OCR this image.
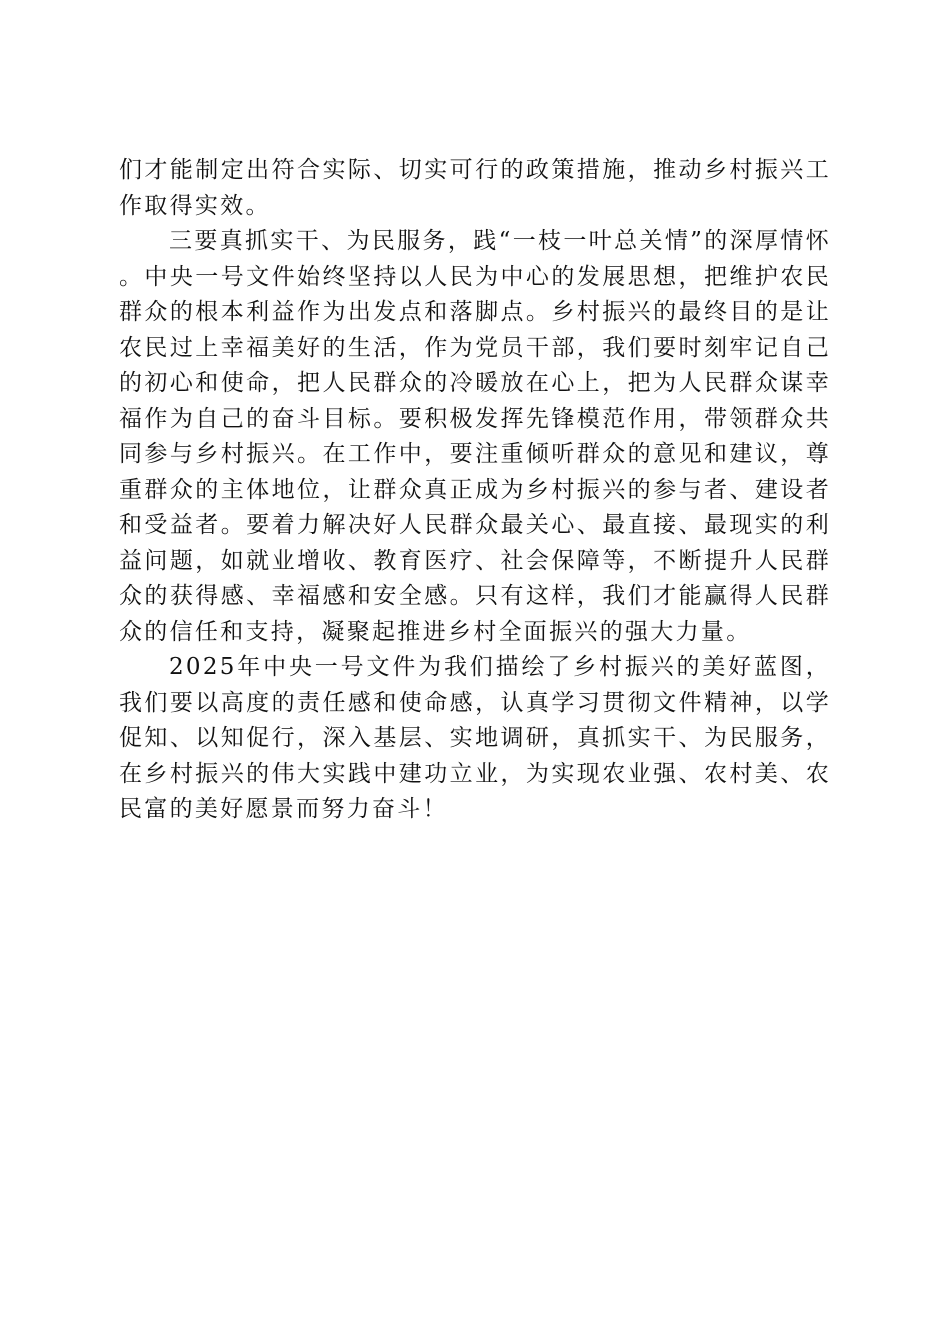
们才能制定出符合实际、切实可行的政策措施，推动乡村振兴工作取得实效。

三要真抓实干、为民服务，践“一枝一叶总关情”的深厚情怀。中央一号文件始终坚持以人民为中心的发展思想，把维护农民群众的根本利益作为出发点和落脚点。乡村振兴的最终目的是让农民过上幸福美好的生活，作为党员干部，我们要时刻牢记自己的初心和使命，把人民群众的冷暖放在心上，把为人民群众谋幸福作为自己的奋斗目标。要积极发挥先锋模范作用，带领群众共同参与乡村振兴。在工作中，要注重倾听群众的意见和建议，尊重群众的主体地位，让群众真正成为乡村振兴的参与者、建设者和受益者。要着力解决好人民群众最关心、最直接、最现实的利益问题，如就业增收、教育医疗、社会保障等，不断提升人民群众的获得感、幸福感和安全感。只有这样，我们才能赢得人民群众的信任和支持，凝聚起推进乡村全面振兴的强大力量。

2025年中央一号文件为我们描绘了乡村振兴的美好蓝图，我们要以高度的责任感和使命感，认真学习贯彻文件精神，以学促知、以知促行，深入基层、实地调研，真抓实干、为民服务，在乡村振兴的伟大实践中建功立业，为实现农业强、农村美、农民富的美好愿景而努力奋斗！
